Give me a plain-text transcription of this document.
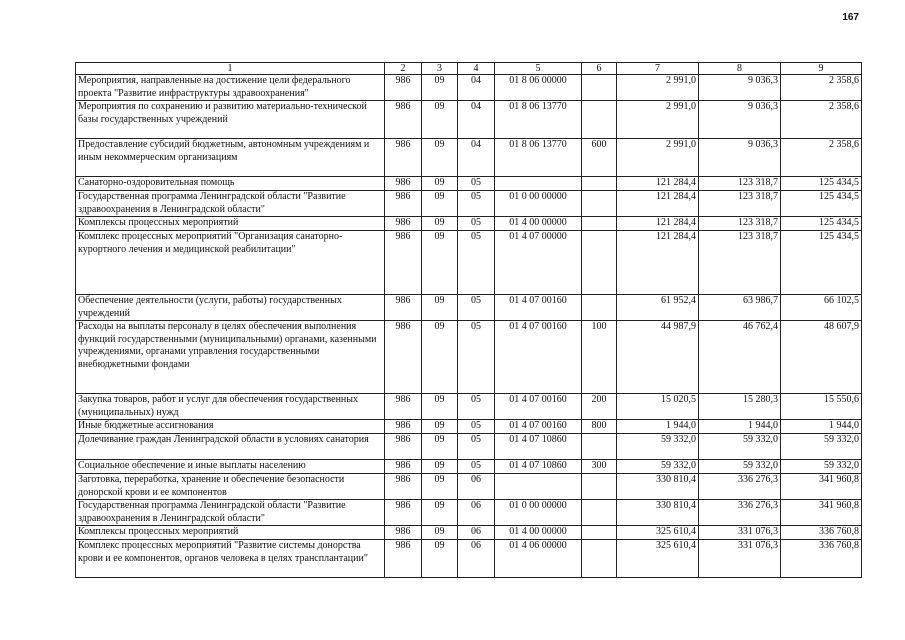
167
1	2	3	4	5	6	7	8	9
Мероприятия, направленные на достижение цели федерального проекта "Развитие инфраструктуры здравоохранения"	986	09	04	01 8 06 00000		2 991,0	9 036,3	2 358,6
Мероприятия по сохранению и развитию материально-технической базы государственных учреждений	986	09	04	01 8 06 13770		2 991,0	9 036,3	2 358,6
Предоставление субсидий бюджетным, автономным учреждениям и иным некоммерческим организациям	986	09	04	01 8 06 13770	600	2 991,0	9 036,3	2 358,6
Санаторно-оздоровительная помощь	986	09	05			121 284,4	123 318,7	125 434,5
Государственная программа Ленинградской области "Развитие здравоохранения в Ленинградской области"	986	09	05	01 0 00 00000		121 284,4	123 318,7	125 434,5
Комплексы процессных мероприятий	986	09	05	01 4 00 00000		121 284,4	123 318,7	125 434,5
Комплекс процессных мероприятий "Организация санаторно-курортного лечения и медицинской реабилитации"	986	09	05	01 4 07 00000		121 284,4	123 318,7	125 434,5
Обеспечение деятельности (услуги, работы) государственных учреждений	986	09	05	01 4 07 00160		61 952,4	63 986,7	66 102,5
Расходы на выплаты персоналу в целях обеспечения выполнения функций государственными (муниципальными) органами, казенными учреждениями, органами управления государственными внебюджетными фондами	986	09	05	01 4 07 00160	100	44 987,9	46 762,4	48 607,9
Закупка товаров, работ и услуг для обеспечения государственных (муниципальных) нужд	986	09	05	01 4 07 00160	200	15 020,5	15 280,3	15 550,6
Иные бюджетные ассигнования	986	09	05	01 4 07 00160	800	1 944,0	1 944,0	1 944,0
Долечивание граждан Ленинградской области в условиях санатория	986	09	05	01 4 07 10860		59 332,0	59 332,0	59 332,0
Социальное обеспечение и иные выплаты населению	986	09	05	01 4 07 10860	300	59 332,0	59 332,0	59 332,0
Заготовка, переработка, хранение и обеспечение безопасности донорской крови и ее компонентов	986	09	06			330 810,4	336 276,3	341 960,8
Государственная программа Ленинградской области "Развитие здравоохранения в Ленинградской области"	986	09	06	01 0 00 00000		330 810,4	336 276,3	341 960,8
Комплексы процессных мероприятий	986	09	06	01 4 00 00000		325 610,4	331 076,3	336 760,8
Комплекс процессных мероприятий "Развитие системы донорства крови и ее компонентов, органов человека в целях трансплантации"	986	09	06	01 4 06 00000		325 610,4	331 076,3	336 760,8
